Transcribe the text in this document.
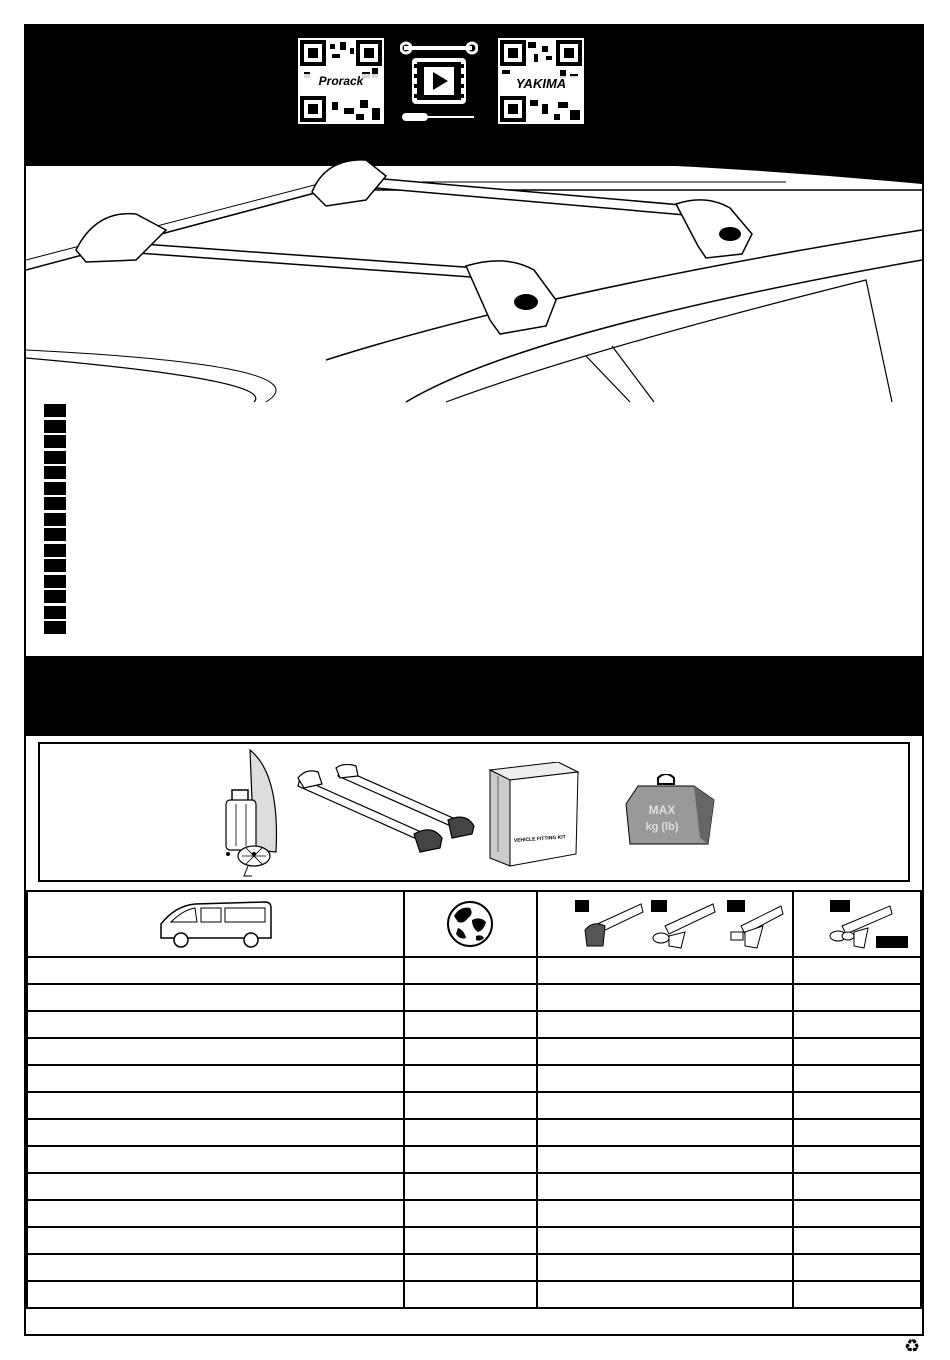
Prorack	YAKIMA
VEHICLE FITTING KIT
MAX
kg (lb)

♻
